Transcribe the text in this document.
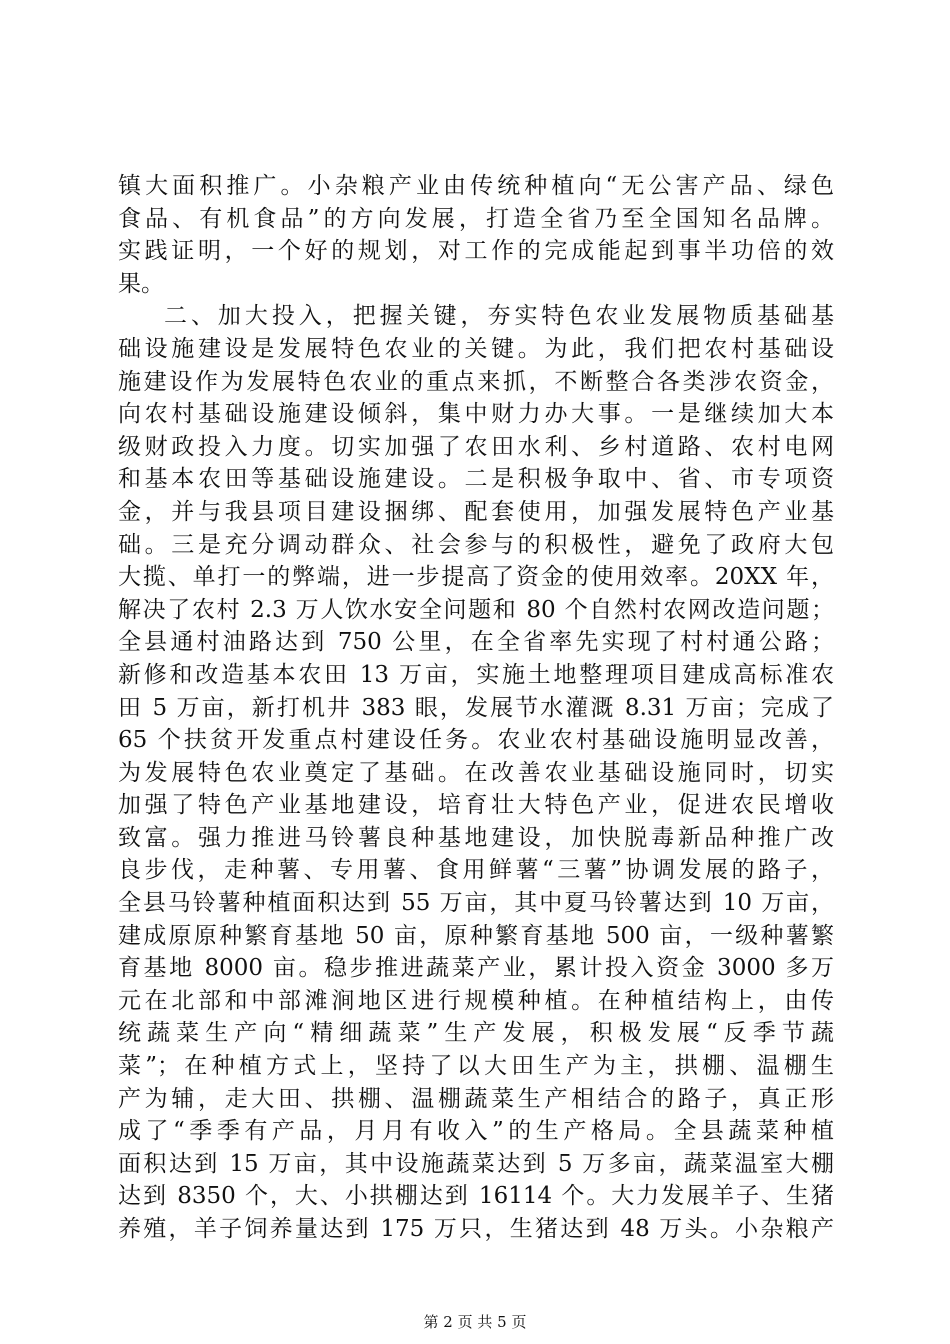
镇大面积推广。小杂粮产业由传统种植向“无公害产品、绿色
食品、有机食品”的方向发展，打造全省乃至全国知名品牌。
实践证明，一个好的规划，对工作的完成能起到事半功倍的效
果。
二、加大投入，把握关键，夯实特色农业发展物质基础基
础设施建设是发展特色农业的关键。为此，我们把农村基础设
施建设作为发展特色农业的重点来抓，不断整合各类涉农资金，
向农村基础设施建设倾斜，集中财力办大事。一是继续加大本
级财政投入力度。切实加强了农田水利、乡村道路、农村电网
和基本农田等基础设施建设。二是积极争取中、省、市专项资
金，并与我县项目建设捆绑、配套使用，加强发展特色产业基
础。三是充分调动群众、社会参与的积极性，避免了政府大包
大揽、单打一的弊端，进一步提高了资金的使用效率。20XX 年，
解决了农村 2.3 万人饮水安全问题和 80 个自然村农网改造问题；
全县通村油路达到 750 公里，在全省率先实现了村村通公路；
新修和改造基本农田 13 万亩，实施土地整理项目建成高标准农
田 5 万亩，新打机井 383 眼，发展节水灌溉 8.31 万亩；完成了
65 个扶贫开发重点村建设任务。农业农村基础设施明显改善，
为发展特色农业奠定了基础。在改善农业基础设施同时，切实
加强了特色产业基地建设，培育壮大特色产业，促进农民增收
致富。强力推进马铃薯良种基地建设，加快脱毒新品种推广改
良步伐，走种薯、专用薯、食用鲜薯“三薯”协调发展的路子，
全县马铃薯种植面积达到 55 万亩，其中夏马铃薯达到 10 万亩，
建成原原种繁育基地 50 亩，原种繁育基地 500 亩，一级种薯繁
育基地 8000 亩。稳步推进蔬菜产业，累计投入资金 3000 多万
元在北部和中部滩涧地区进行规模种植。在种植结构上，由传
统蔬菜生产向“精细蔬菜”生产发展，积极发展“反季节蔬
菜”；在种植方式上，坚持了以大田生产为主，拱棚、温棚生
产为辅，走大田、拱棚、温棚蔬菜生产相结合的路子，真正形
成了“季季有产品，月月有收入”的生产格局。全县蔬菜种植
面积达到 15 万亩，其中设施蔬菜达到 5 万多亩，蔬菜温室大棚
达到 8350 个，大、小拱棚达到 16114 个。大力发展羊子、生猪
养殖，羊子饲养量达到 175 万只，生猪达到 48 万头。小杂粮产
第 2 页 共 5 页
